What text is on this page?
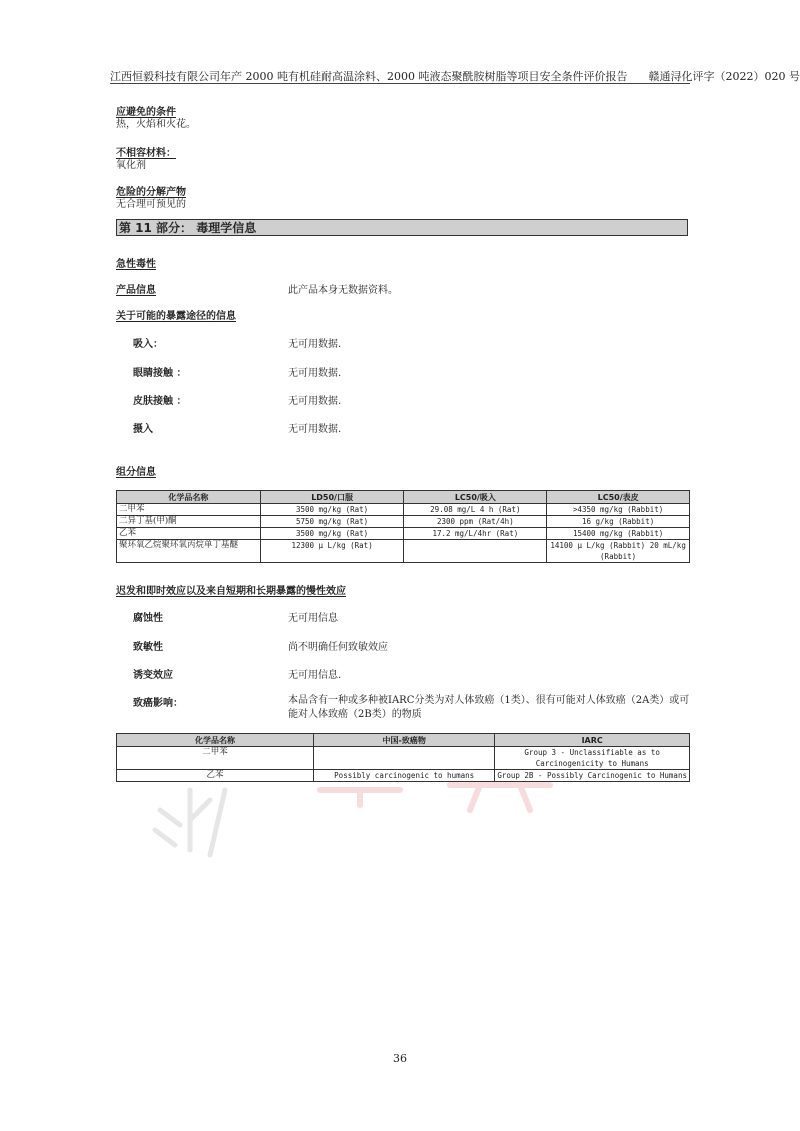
江西恒毅科技有限公司年产 2000 吨有机硅耐高温涂料、2000 吨液态聚酰胺树脂等项目安全条件评价报告 赣通浔化评字（2022）020 号
应避免的条件
热，火焰和火花。
不相容材料：
氧化剂
危险的分解产物
无合理可预见的
第 11 部分： 毒理学信息
急性毒性
产品信息	此产品本身无数据资料。
关于可能的暴露途径的信息
吸入：	无可用数据.
眼睛接触 ：	无可用数据.
皮肤接触 ：	无可用数据.
摄入	无可用数据.
组分信息
化学品名称	LD50/口服	LC50/吸入	LC50/表皮
二甲苯	3500 mg/kg (Rat)	29.08 mg/L 4 h (Rat)	>4350 mg/kg (Rabbit)
二异丁基(甲)酮	5750 mg/kg (Rat)	2300 ppm (Rat/4h)	16 g/kg (Rabbit)
乙苯	3500 mg/kg (Rat)	17.2 mg/L/4hr (Rat)	15400 mg/kg (Rabbit)
聚环氧乙烷聚环氧丙烷单丁基醚	12300 μ L/kg (Rat)		14100 μ L/kg (Rabbit) 20 mL/kg (Rabbit)
迟发和即时效应以及来自短期和长期暴露的慢性效应
腐蚀性	无可用信息
致敏性	尚不明确任何致敏效应
诱变效应	无可用信息.
致癌影响：	本品含有一种或多种被IARC分类为对人体致癌（1类）、很有可能对人体致癌（2A类）或可能对人体致癌（2B类）的物质
化学品名称	中国-致癌物	IARC
二甲苯		Group 3 - Unclassifiable as to Carcinogenicity to Humans
乙苯	Possibly carcinogenic to humans	Group 2B - Possibly Carcinogenic to Humans
36
